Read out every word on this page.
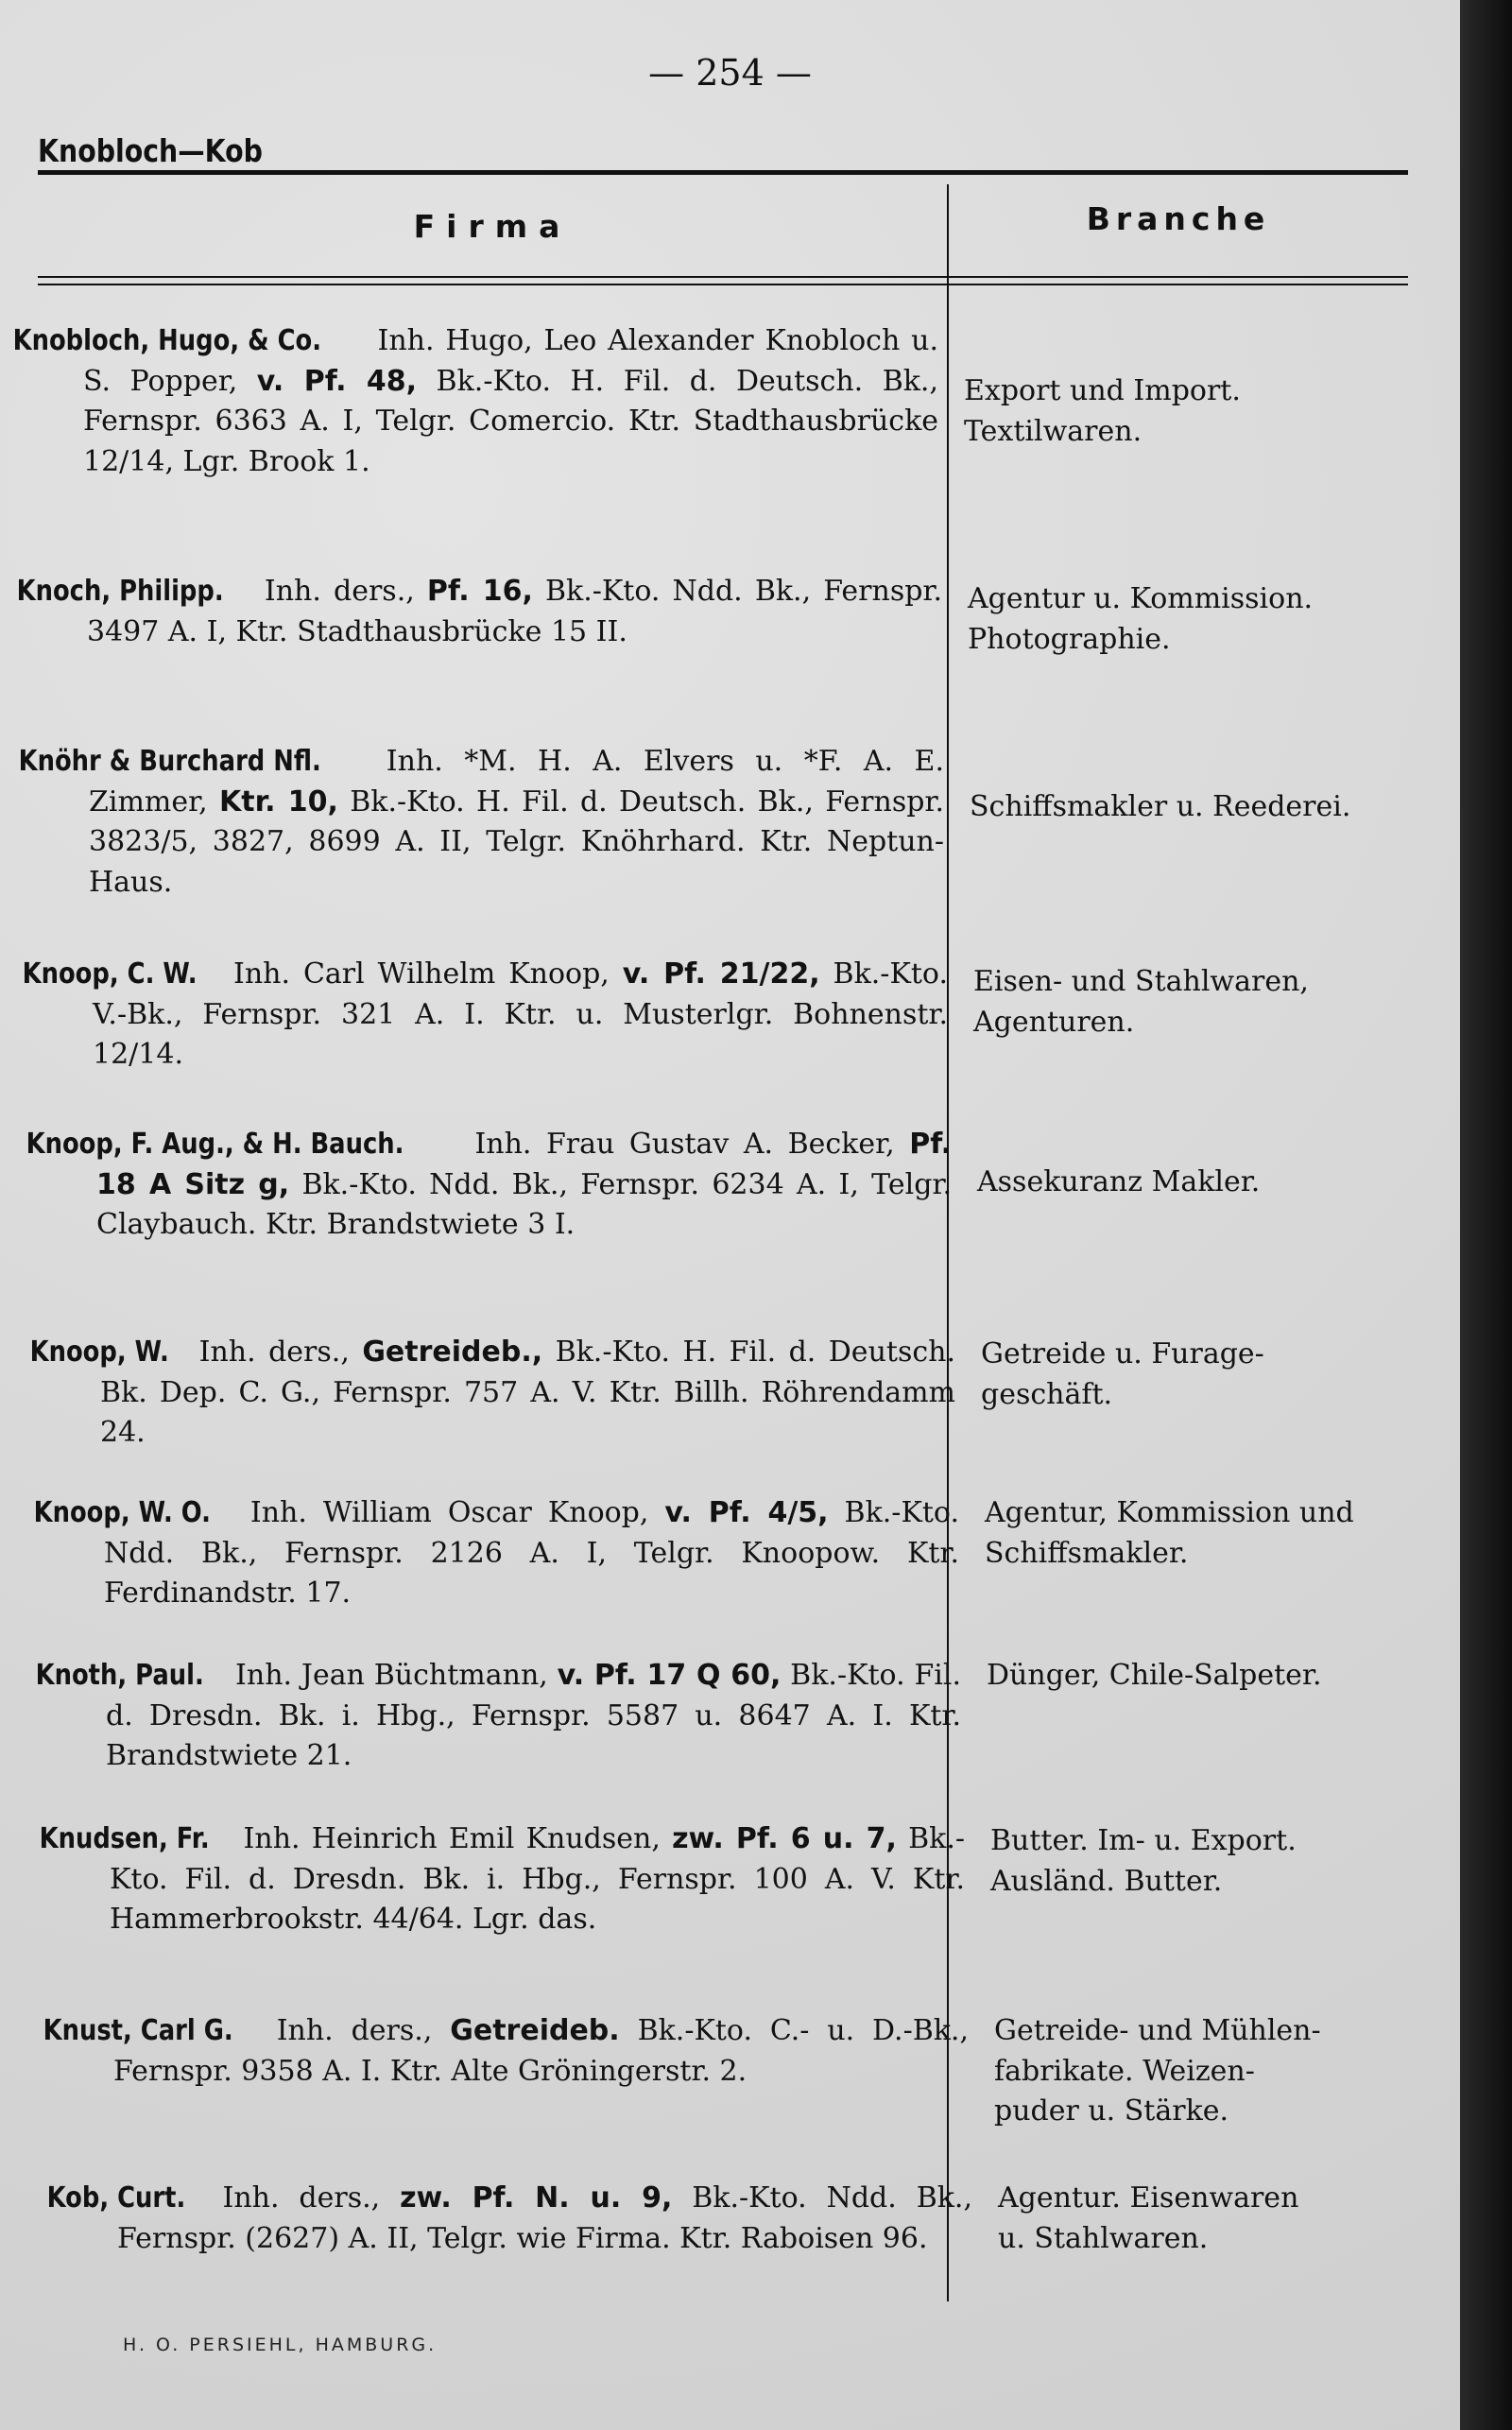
— 254 —
Knobloch—Kob
Firma	Branche

Knobloch, Hugo, & Co. Inh. Hugo, Leo Alexander Knobloch u. S. Popper, v. Pf. 48, Bk.-Kto. H. Fil. d. Deutsch. Bk., Fernspr. 6363 A. I, Telgr. Comercio. Ktr. Stadthausbrücke 12/14, Lgr. Brook 1.

Export und Import.

Textilwaren.

Knoch, Philipp. Inh. ders., Pf. 16, Bk.-Kto. Ndd. Bk., Fernspr. 3497 A. I, Ktr. Stadthausbrücke 15 II.

Agentur u. Kommission.

Photographie.

Knöhr & Burchard Nfl. Inh. *M. H. A. Elvers u. *F. A. E. Zimmer, Ktr. 10, Bk.-Kto. H. Fil. d. Deutsch. Bk., Fernspr. 3823/5, 3827, 8699 A. II, Telgr. Knöhrhard. Ktr. Neptun-Haus.

Schiffsmakler u. Reederei.

Knoop, C. W. Inh. Carl Wilhelm Knoop, v. Pf. 21/22, Bk.-Kto. V.-Bk., Fernspr. 321 A. I. Ktr. u. Musterlgr. Bohnenstr. 12/14.

Eisen- und Stahlwaren,

Agenturen.

Knoop, F. Aug., & H. Bauch. Inh. Frau Gustav A. Becker, Pf. 18 A Sitz g, Bk.-Kto. Ndd. Bk., Fernspr. 6234 A. I, Telgr. Claybauch. Ktr. Brandstwiete 3 I.

Assekuranz Makler.

Knoop, W. Inh. ders., Getreideb., Bk.-Kto. H. Fil. d. Deutsch. Bk. Dep. C. G., Fernspr. 757 A. V. Ktr. Billh. Röhrendamm 24.

Getreide u. Furage-

geschäft.

Knoop, W. O. Inh. William Oscar Knoop, v. Pf. 4/5, Bk.-Kto. Ndd. Bk., Fernspr. 2126 A. I, Telgr. Knoopow. Ktr. Ferdinandstr. 17.

Agentur, Kommission und

Schiffsmakler.

Knoth, Paul. Inh. Jean Büchtmann, v. Pf. 17 Q 60, Bk.-Kto. Fil. d. Dresdn. Bk. i. Hbg., Fernspr. 5587 u. 8647 A. I. Ktr. Brandstwiete 21.

Dünger, Chile-Salpeter.

Knudsen, Fr. Inh. Heinrich Emil Knudsen, zw. Pf. 6 u. 7, Bk.-Kto. Fil. d. Dresdn. Bk. i. Hbg., Fernspr. 100 A. V. Ktr. Hammerbrookstr. 44/64. Lgr. das.

Butter. Im- u. Export.

Ausländ. Butter.

Knust, Carl G. Inh. ders., Getreideb. Bk.-Kto. C.- u. D.-Bk., Fernspr. 9358 A. I. Ktr. Alte Gröningerstr. 2.

Getreide- und Mühlen-

fabrikate. Weizen-

puder u. Stärke.

Kob, Curt. Inh. ders., zw. Pf. N. u. 9, Bk.-Kto. Ndd. Bk., Fernspr. (2627) A. II, Telgr. wie Firma. Ktr. Raboisen 96.

Agentur. Eisenwaren

u. Stahlwaren.

H. O. PERSIEHL, HAMBURG.
